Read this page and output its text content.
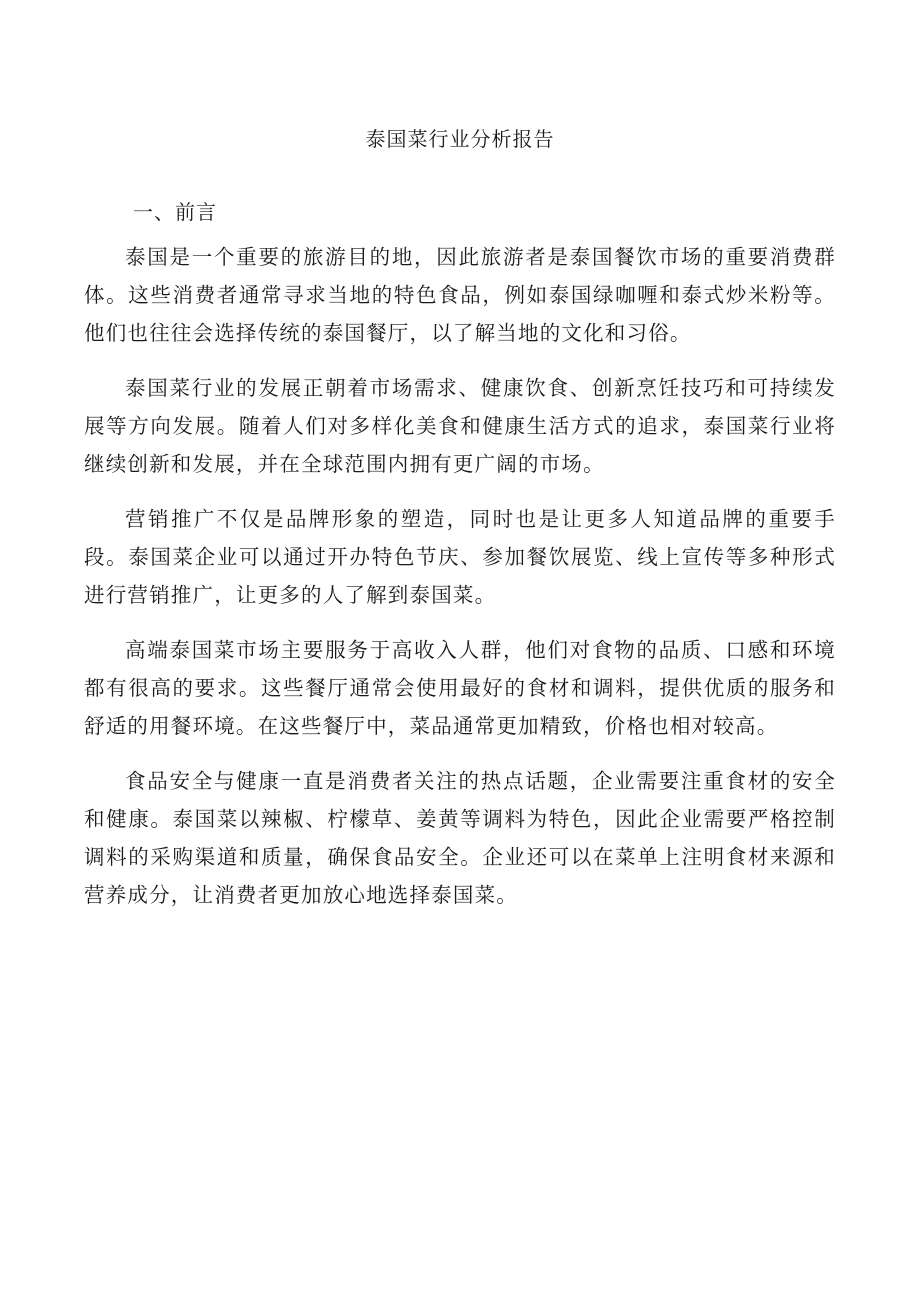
泰国菜行业分析报告
一、前言

泰国是一个重要的旅游目的地，因此旅游者是泰国餐饮市场的重要消费群体。这些消费者通常寻求当地的特色食品，例如泰国绿咖喱和泰式炒米粉等。他们也往往会选择传统的泰国餐厅，以了解当地的文化和习俗。

泰国菜行业的发展正朝着市场需求、健康饮食、创新烹饪技巧和可持续发展等方向发展。随着人们对多样化美食和健康生活方式的追求，泰国菜行业将继续创新和发展，并在全球范围内拥有更广阔的市场。

营销推广不仅是品牌形象的塑造，同时也是让更多人知道品牌的重要手段。泰国菜企业可以通过开办特色节庆、参加餐饮展览、线上宣传等多种形式进行营销推广，让更多的人了解到泰国菜。

高端泰国菜市场主要服务于高收入人群，他们对食物的品质、口感和环境都有很高的要求。这些餐厅通常会使用最好的食材和调料，提供优质的服务和舒适的用餐环境。在这些餐厅中，菜品通常更加精致，价格也相对较高。

食品安全与健康一直是消费者关注的热点话题，企业需要注重食材的安全和健康。泰国菜以辣椒、柠檬草、姜黄等调料为特色，因此企业需要严格控制调料的采购渠道和质量，确保食品安全。企业还可以在菜单上注明食材来源和营养成分，让消费者更加放心地选择泰国菜。
